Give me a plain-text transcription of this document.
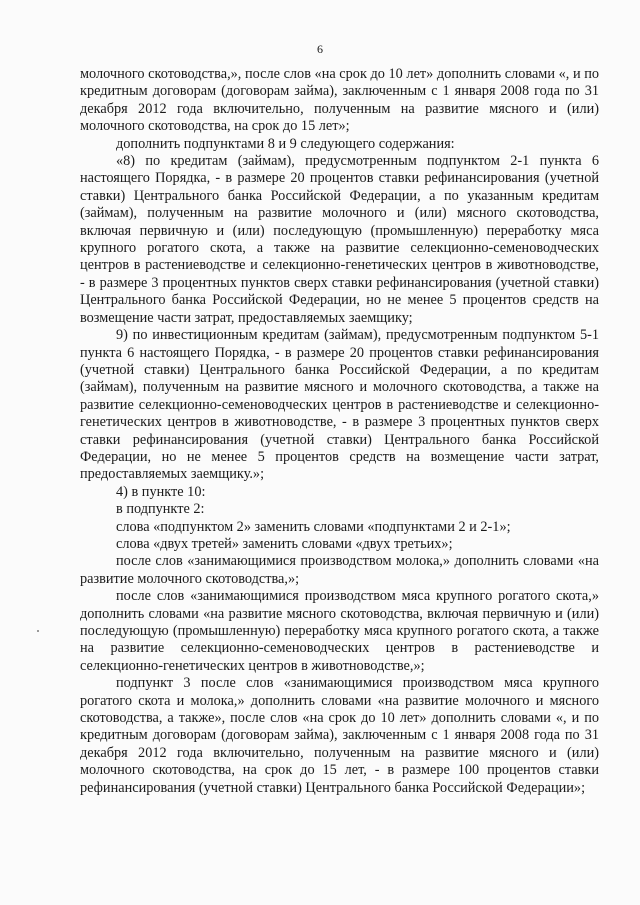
6

молочного скотоводства,», после слов «на срок до 10 лет» дополнить словами «, и по кредитным договорам (договорам займа), заключенным с 1 января 2008 года по 31 декабря 2012 года включительно, полученным на развитие мясного и (или) молочного скотоводства, на срок до 15 лет»;

дополнить подпунктами 8 и 9 следующего содержания:

«8) по кредитам (займам), предусмотренным подпунктом 2-1 пункта 6 настоящего Порядка, - в размере 20 процентов ставки рефинансирования (учетной ставки) Центрального банка Российской Федерации, а по указанным кредитам (займам), полученным на развитие молочного и (или) мясного скотоводства, включая первичную и (или) последующую (промышленную) переработку мяса крупного рогатого скота, а также на развитие селекционно-семеноводческих центров в растениеводстве и селекционно-генетических центров в животноводстве, - в размере 3 процентных пунктов сверх ставки рефинансирования (учетной ставки) Центрального банка Российской Федерации, но не менее 5 процентов средств на возмещение части затрат, предоставляемых заемщику;

9) по инвестиционным кредитам (займам), предусмотренным подпунктом 5-1 пункта 6 настоящего Порядка, - в размере 20 процентов ставки рефинансирования (учетной ставки) Центрального банка Российской Федерации, а по кредитам (займам), полученным на развитие мясного и молочного скотоводства, а также на развитие селекционно-семеноводческих центров в растениеводстве и селекционно-генетических центров в животноводстве, - в размере 3 процентных пунктов сверх ставки рефинансирования (учетной ставки) Центрального банка Российской Федерации, но не менее 5 процентов средств на возмещение части затрат, предоставляемых заемщику.»;

4) в пункте 10:

в подпункте 2:

слова «подпунктом 2» заменить словами «подпунктами 2 и 2-1»;

слова «двух третей» заменить словами «двух третьих»;

после слов «занимающимися производством молока,» дополнить словами «на развитие молочного скотоводства,»;

после слов «занимающимися производством мяса крупного рогатого скота,» дополнить словами «на развитие мясного скотоводства, включая первичную и (или) последующую (промышленную) переработку мяса крупного рогатого скота, а также на развитие селекционно-семеноводческих центров в растениеводстве и селекционно-генетических центров в животноводстве,»;

подпункт 3 после слов «занимающимися производством мяса крупного рогатого скота и молока,» дополнить словами «на развитие молочного и мясного скотоводства, а также», после слов «на срок до 10 лет» дополнить словами «, и по кредитным договорам (договорам займа), заключенным с 1 января 2008 года по 31 декабря 2012 года включительно, полученным на развитие мясного и (или) молочного скотоводства, на срок до 15 лет, - в размере 100 процентов ставки рефинансирования (учетной ставки) Центрального банка Российской Федерации»;
